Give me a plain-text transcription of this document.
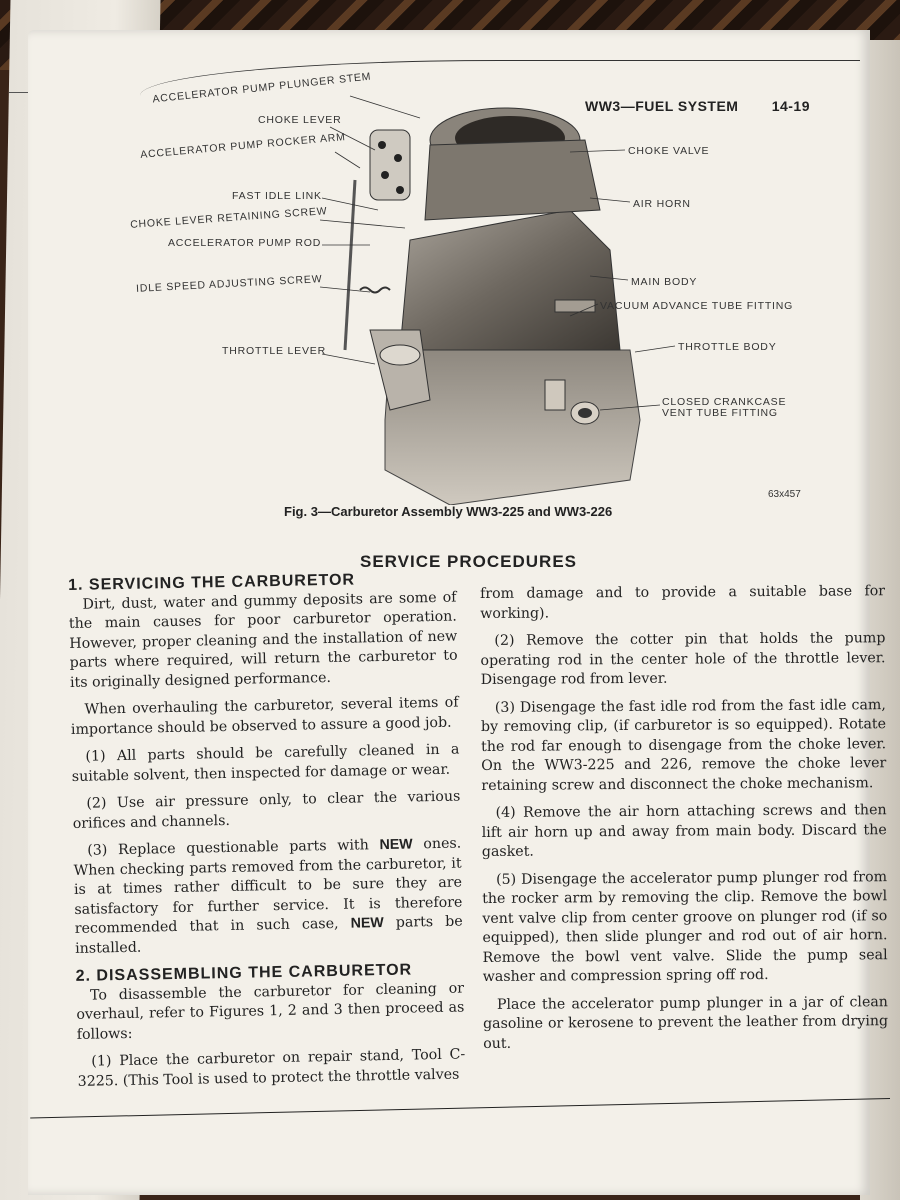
WW3—FUEL SYSTEM 14-19
ACCELERATOR PUMP PLUNGER STEM
CHOKE LEVER
ACCELERATOR PUMP ROCKER ARM
FAST IDLE LINK
CHOKE LEVER RETAINING SCREW
ACCELERATOR PUMP ROD
IDLE SPEED ADJUSTING SCREW
THROTTLE LEVER
CHOKE VALVE
AIR HORN
MAIN BODY
VACUUM ADVANCE TUBE FITTING
THROTTLE BODY
CLOSED CRANKCASE
VENT TUBE FITTING
63x457
Fig. 3—Carburetor Assembly WW3-225 and WW3-226
SERVICE PROCEDURES
1. SERVICING THE CARBURETOR

Dirt, dust, water and gummy deposits are some of the main causes for poor carburetor operation. However, proper cleaning and the installation of new parts where required, will return the carburetor to its originally designed performance.

When overhauling the carburetor, several items of importance should be observed to assure a good job.

(1) All parts should be carefully cleaned in a suitable solvent, then inspected for damage or wear.

(2) Use air pressure only, to clear the various orifices and channels.

(3) Replace questionable parts with NEW ones. When checking parts removed from the carburetor, it is at times rather difficult to be sure they are satisfactory for further service. It is therefore recommended that in such case, NEW parts be installed.

2. DISASSEMBLING THE CARBURETOR

To disassemble the carburetor for cleaning or overhaul, refer to Figures 1, 2 and 3 then proceed as follows:

(1) Place the carburetor on repair stand, Tool C-3225. (This Tool is used to protect the throttle valves

from damage and to provide a suitable base for working).

(2) Remove the cotter pin that holds the pump operating rod in the center hole of the throttle lever. Disengage rod from lever.

(3) Disengage the fast idle rod from the fast idle cam, by removing clip, (if carburetor is so equipped). Rotate the rod far enough to disengage from the choke lever. On the WW3-225 and 226, remove the choke lever retaining screw and disconnect the choke mechanism.

(4) Remove the air horn attaching screws and then lift air horn up and away from main body. Discard the gasket.

(5) Disengage the accelerator pump plunger rod from the rocker arm by removing the clip. Remove the bowl vent valve clip from center groove on plunger rod (if so equipped), then slide plunger and rod out of air horn. Remove the bowl vent valve. Slide the pump seal washer and compression spring off rod.

Place the accelerator pump plunger in a jar of clean gasoline or kerosene to prevent the leather from drying out.
